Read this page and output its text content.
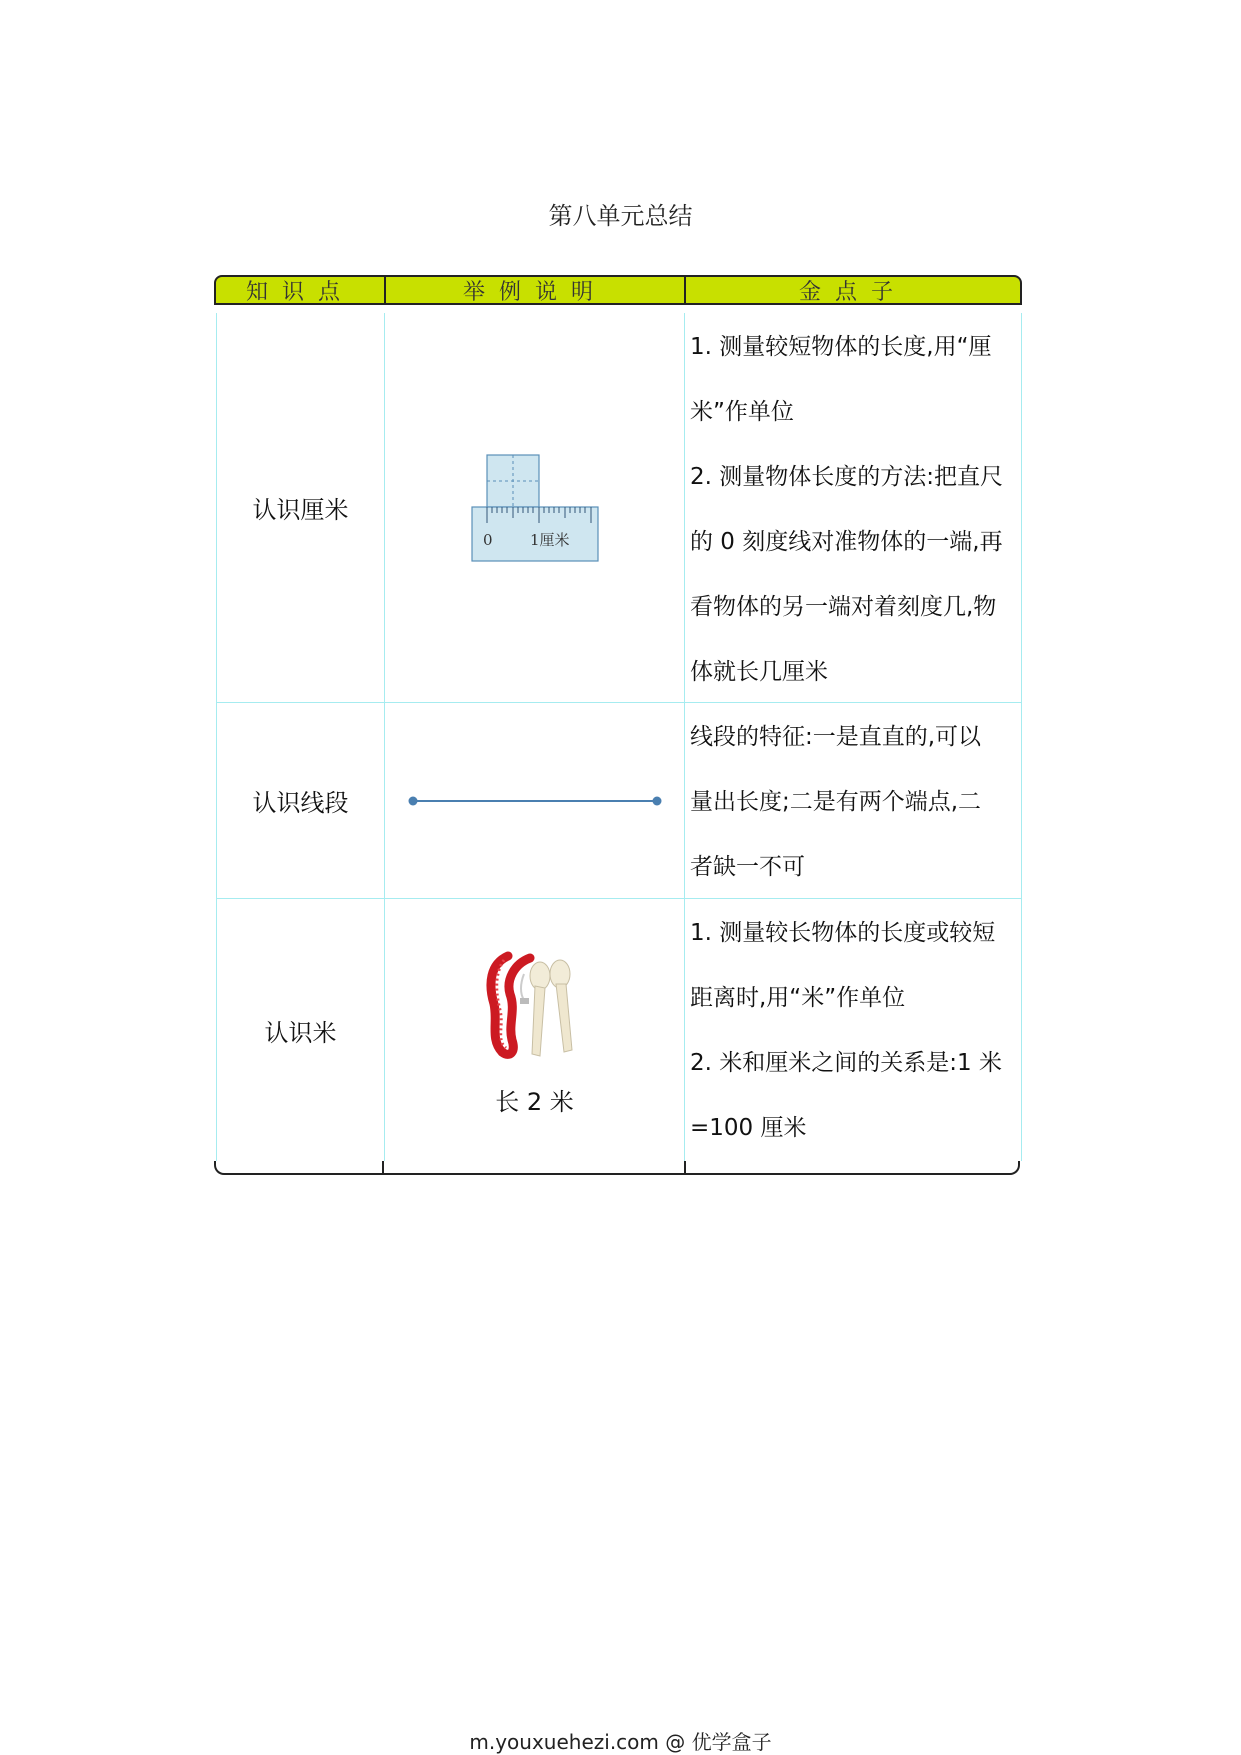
第八单元总结
知识点	举例说明	金点子
认识厘米
0 1厘米
1. 测量较短物体的长度,用“厘
米”作单位
2. 测量物体长度的方法:把直尺
的 0 刻度线对准物体的一端,再
看物体的另一端对着刻度几,物
体就长几厘米
认识线段
线段的特征:一是直直的,可以
量出长度;二是有两个端点,二
者缺一不可
认识米
长 2 米
1. 测量较长物体的长度或较短
距离时,用“米”作单位
2. 米和厘米之间的关系是:1 米
=100 厘米
m.youxuehezi.com @ 优学盒子
